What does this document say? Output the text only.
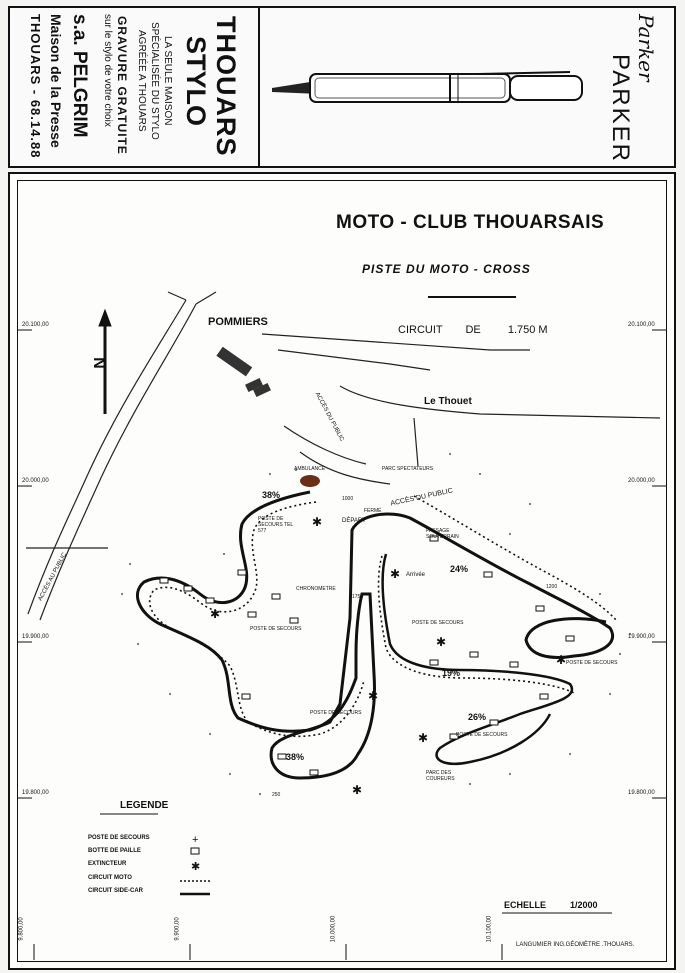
THOUARS
STYLO
LA SEULE MAISON
SPÉCIALISÉE DU STYLO
AGRÉÉE A THOUARS
GRAVURE GRATUITE
sur le stylo de votre choix
s.a. PELGRIM
Maison de la Presse
THOUARS - 68.14.88	PARKER
Parker
✱
✱
✱
✱
✱
✱
✱
✱
+
✱
MOTO - CLUB THOUARSAIS
PISTE DU MOTO - CROSS
CIRCUIT DE 1.750 M
N
POMMIERS
Le Thouet
ACCÈS DU PUBLIC
ACCÈS AU PUBLIC
ACCÈS DU PUBLIC
AMBULANCE	PARC SPECTATEURS
FERMÉ
DÉPART
PASSAGE SOUTERRAIN
Arrivée
CHRONOMETRE
PARC DES COUREURS
POSTE DE SECOURS TEL 577
POSTE DE SECOURS
POSTE DE SECOURS
POSTE DE SECOURS
POSTE DE SECOURS
POSTE DE SECOURS
38%
24%
19%
26%
38%
1000
1750
1200
250
20.100,00
20.000,00
19.900,00
19.800,00
20.100,00
20.000,00
19.900,00
19.800,00
9.800,00	9.900,00	10.000,00	10.100,00
LEGENDE
POSTE DE SECOURS
BOTTE DE PAILLE
EXTINCTEUR
CIRCUIT MOTO
CIRCUIT SIDE-CAR
ECHELLE	1/2000
LANGUMIER ING.GÉOMÈTRE .THOUARS.
